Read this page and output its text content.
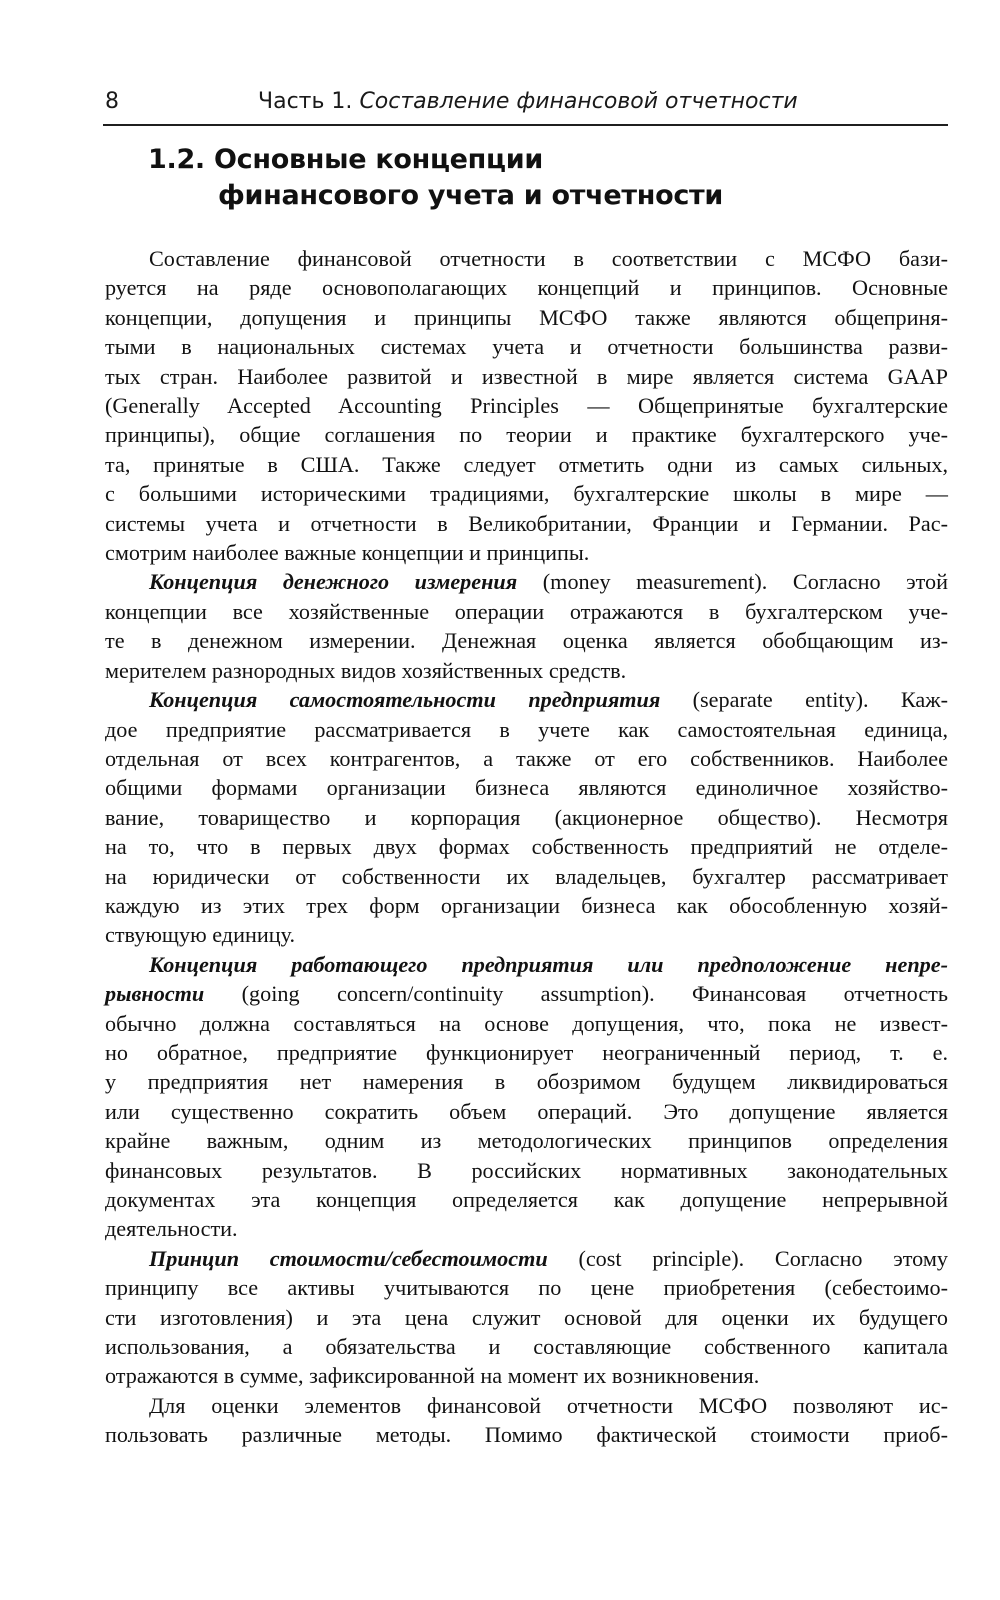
8	Часть 1. Составление финансовой отчетности
1.2. Основные концепции
финансового учета и отчетности
Составление финансовой отчетности в соответствии с МСФО бази-
руется на ряде основополагающих концепций и принципов. Основные
концепции, допущения и принципы МСФО также являются общеприня-
тыми в национальных системах учета и отчетности большинства разви-
тых стран. Наиболее развитой и известной в мире является система GAAP
(Generally Accepted Accounting Principles — Общепринятые бухгалтерские
принципы), общие соглашения по теории и практике бухгалтерского уче-
та, принятые в США. Также следует отметить одни из самых сильных,
с большими историческими традициями, бухгалтерские школы в мире —
системы учета и отчетности в Великобритании, Франции и Германии. Рас-
смотрим наиболее важные концепции и принципы.
Концепция денежного измерения (money measurement). Согласно этой
концепции все хозяйственные операции отражаются в бухгалтерском уче-
те в денежном измерении. Денежная оценка является обобщающим из-
мерителем разнородных видов хозяйственных средств.
Концепция самостоятельности предприятия (separate entity). Каж-
дое предприятие рассматривается в учете как самостоятельная единица,
отдельная от всех контрагентов, а также от его собственников. Наиболее
общими формами организации бизнеса являются единоличное хозяйство-
вание, товарищество и корпорация (акционерное общество). Несмотря
на то, что в первых двух формах собственность предприятий не отделе-
на юридически от собственности их владельцев, бухгалтер рассматривает
каждую из этих трех форм организации бизнеса как обособленную хозяй-
ствующую единицу.
Концепция работающего предприятия или предположение непре-
рывности (going concern/continuity assumption). Финансовая отчетность
обычно должна составляться на основе допущения, что, пока не извест-
но обратное, предприятие функционирует неограниченный период, т. е.
у предприятия нет намерения в обозримом будущем ликвидироваться
или существенно сократить объем операций. Это допущение является
крайне важным, одним из методологических принципов определения
финансовых результатов. В российских нормативных законодательных
документах эта концепция определяется как допущение непрерывной
деятельности.
Принцип стоимости/себестоимости (cost principle). Согласно этому
принципу все активы учитываются по цене приобретения (себестоимо-
сти изготовления) и эта цена служит основой для оценки их будущего
использования, а обязательства и составляющие собственного капитала
отражаются в сумме, зафиксированной на момент их возникновения.
Для оценки элементов финансовой отчетности МСФО позволяют ис-
пользовать различные методы. Помимо фактической стоимости приоб-
